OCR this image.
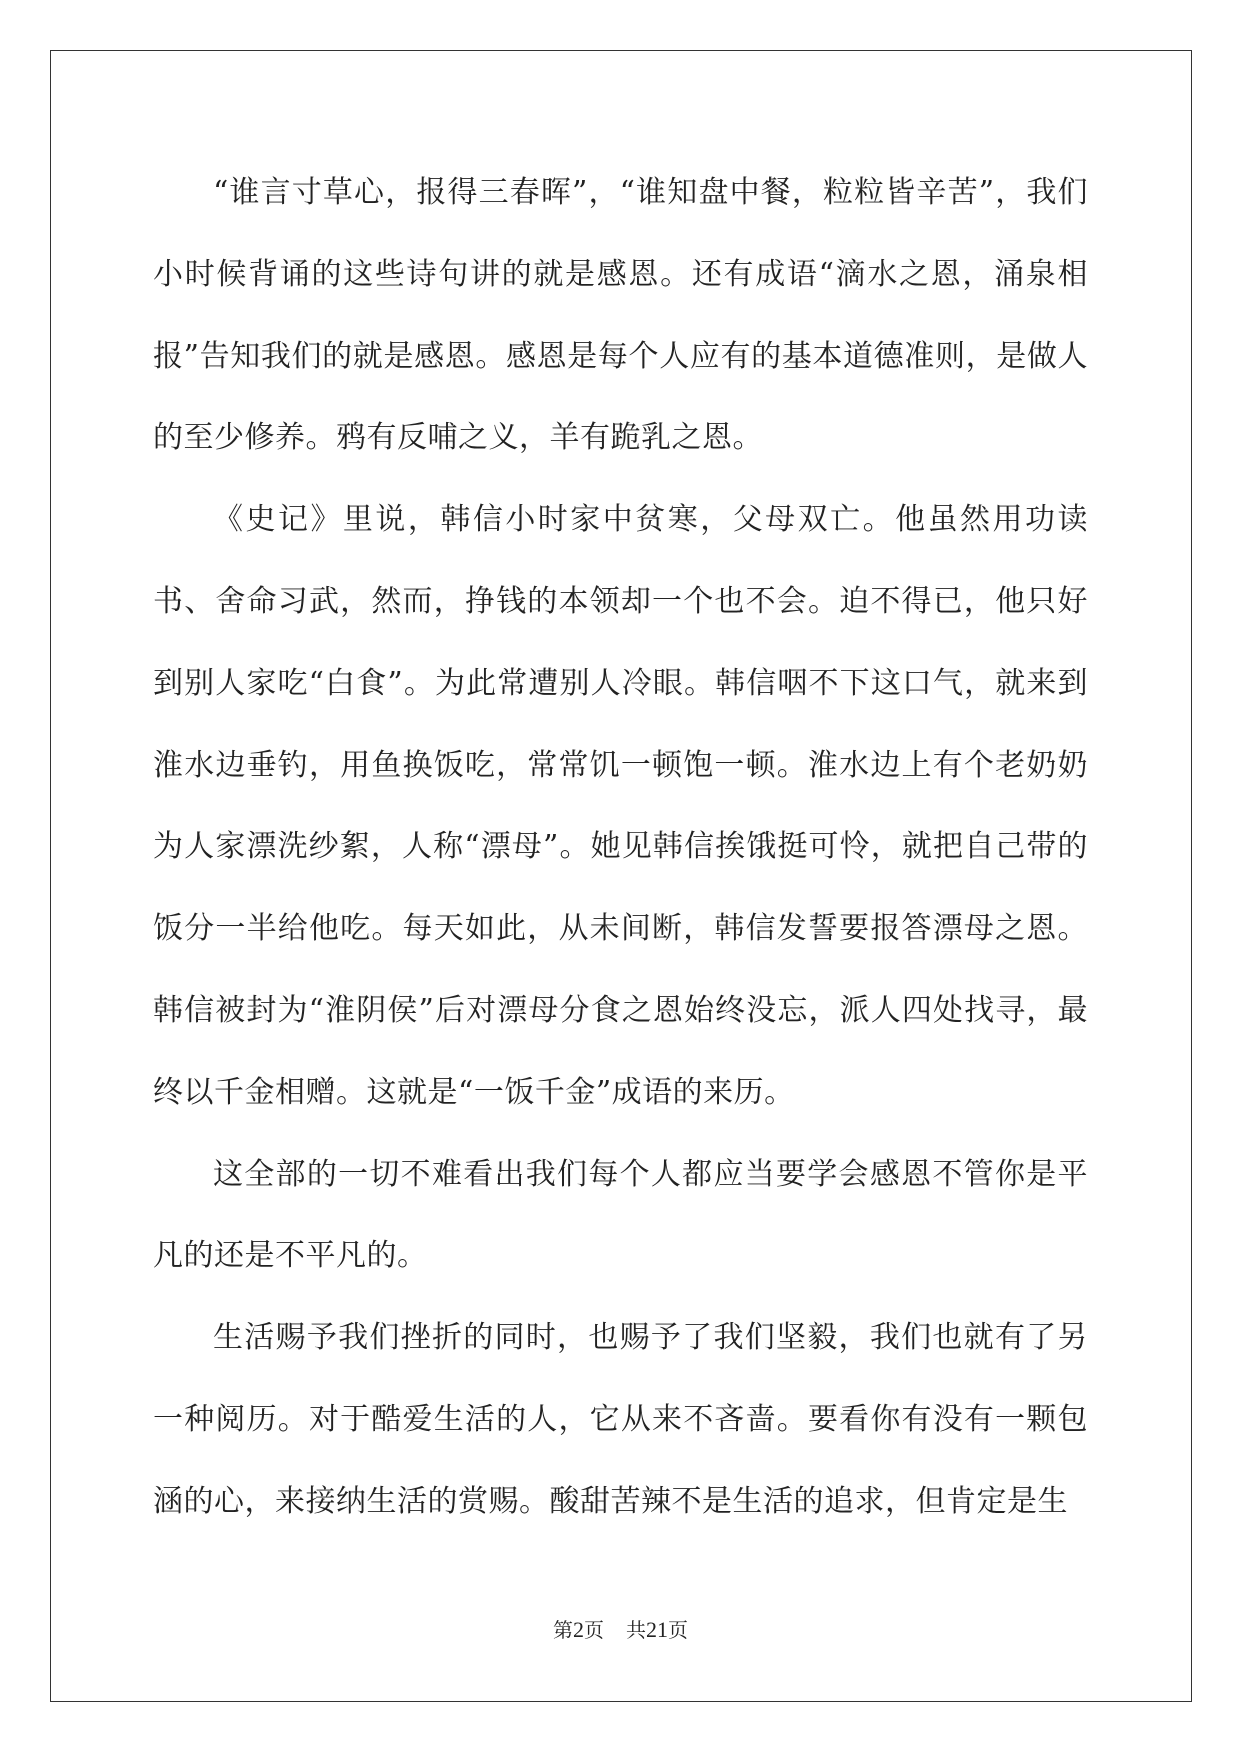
“谁言寸草心，报得三春晖”，“谁知盘中餐，粒粒皆辛苦”，我们小时候背诵的这些诗句讲的就是感恩。还有成语“滴水之恩，涌泉相报”告知我们的就是感恩。感恩是每个人应有的基本道德准则，是做人的至少修养。鸦有反哺之义，羊有跪乳之恩。

《史记》里说，韩信小时家中贫寒，父母双亡。他虽然用功读书、舍命习武，然而，挣钱的本领却一个也不会。迫不得已，他只好到别人家吃“白食”。为此常遭别人冷眼。韩信咽不下这口气，就来到淮水边垂钓，用鱼换饭吃，常常饥一顿饱一顿。淮水边上有个老奶奶为人家漂洗纱絮，人称“漂母”。她见韩信挨饿挺可怜，就把自己带的饭分一半给他吃。每天如此，从未间断，韩信发誓要报答漂母之恩。韩信被封为“淮阴侯”后对漂母分食之恩始终没忘，派人四处找寻，最终以千金相赠。这就是“一饭千金”成语的来历。

这全部的一切不难看出我们每个人都应当要学会感恩不管你是平凡的还是不平凡的。

生活赐予我们挫折的同时，也赐予了我们坚毅，我们也就有了另一种阅历。对于酷爱生活的人，它从来不吝啬。要看你有没有一颗包涵的心，来接纳生活的赏赐。酸甜苦辣不是生活的追求，但肯定是生

第2页 共21页
